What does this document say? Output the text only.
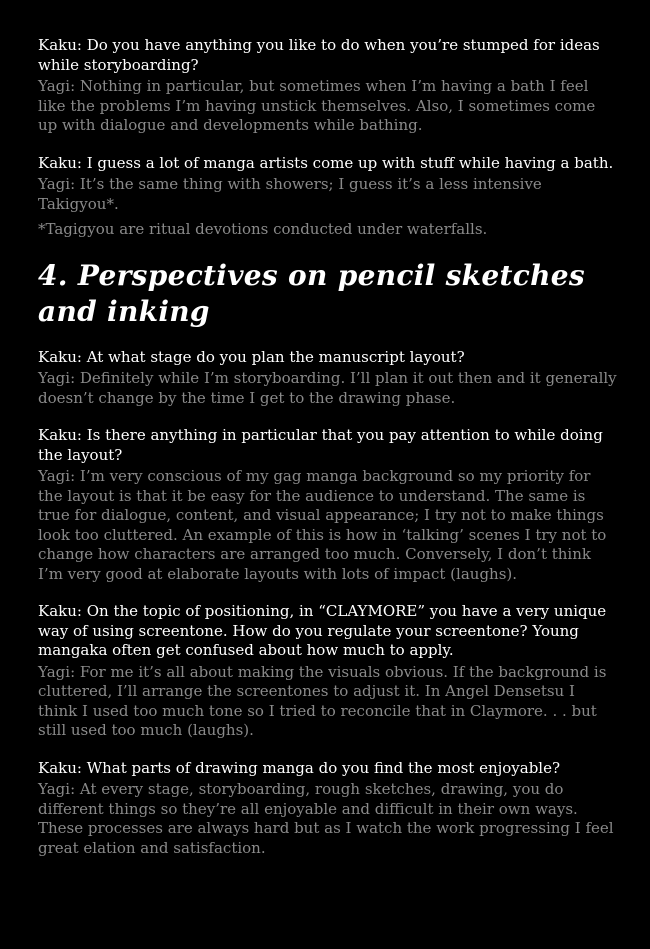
Kaku: Do you have anything you like to do when you’re stumped for ideas while storyboarding?

Yagi: Nothing in particular, but sometimes when I’m having a bath I feel like the problems I’m having unstick themselves. Also, I sometimes come up with dialogue and developments while bathing.

Kaku: I guess a lot of manga artists come up with stuff while having a bath.

Yagi: It’s the same thing with showers; I guess it’s a less intensive Takigyou*.

*Tagigyou are ritual devotions conducted under waterfalls.

4. Perspectives on pencil sketches and inking

Kaku: At what stage do you plan the manuscript layout?

Yagi: Definitely while I’m storyboarding. I’ll plan it out then and it generally doesn’t change by the time I get to the drawing phase.

Kaku: Is there anything in particular that you pay attention to while doing the layout?

Yagi: I’m very conscious of my gag manga background so my priority for the layout is that it be easy for the audience to understand. The same is true for dialogue, content, and visual appearance; I try not to make things look too cluttered. An example of this is how in ‘talking’ scenes I try not to change how characters are arranged too much. Conversely, I don’t think I’m very good at elaborate layouts with lots of impact (laughs).

Kaku: On the topic of positioning, in “CLAYMORE” you have a very unique way of using screentone. How do you regulate your screentone? Young mangaka often get confused about how much to apply.

Yagi: For me it’s all about making the visuals obvious. If the background is cluttered, I’ll arrange the screentones to adjust it. In Angel Densetsu I think I used too much tone so I tried to reconcile that in Claymore. . . but still used too much (laughs).

Kaku: What parts of drawing manga do you find the most enjoyable?

Yagi: At every stage, storyboarding, rough sketches, drawing, you do different things so they’re all enjoyable and difficult in their own ways. These processes are always hard but as I watch the work progressing I feel great elation and satisfaction.
